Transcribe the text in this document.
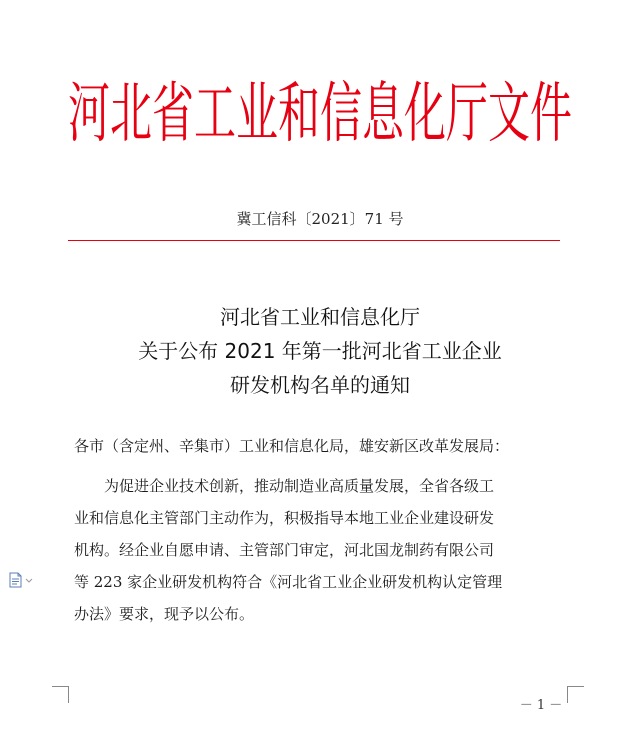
河北省工业和信息化厅文件
冀工信科〔2021〕71 号
河北省工业和信息化厅
关于公布 2021 年第一批河北省工业企业
研发机构名单的通知
各市（含定州、辛集市）工业和信息化局，雄安新区改革发展局：
为促进企业技术创新，推动制造业高质量发展，全省各级工
业和信息化主管部门主动作为，积极指导本地工业企业建设研发
机构。经企业自愿申请、主管部门审定，河北国龙制药有限公司
等 223 家企业研发机构符合《河北省工业企业研发机构认定管理
办法》要求，现予以公布。
－ 1 －
